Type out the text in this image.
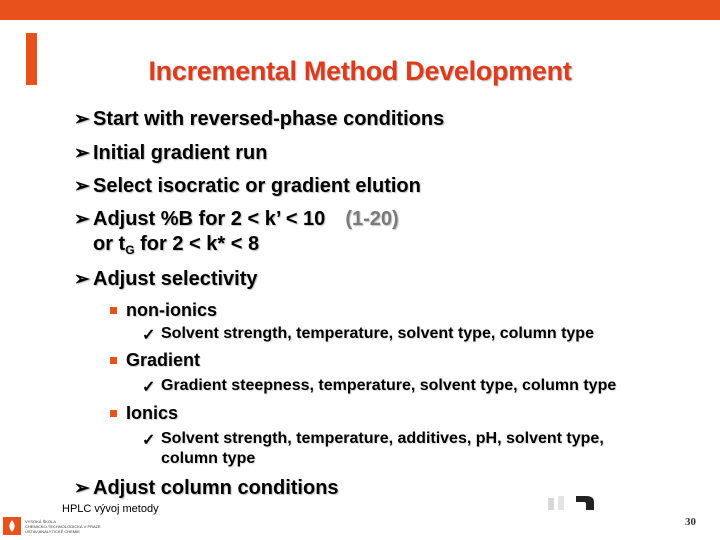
Incremental Method Development
➢ Start with reversed-phase conditions
➢ Initial gradient run
➢ Select isocratic or gradient elution
➢ Adjust %B for 2 < k’ < 10 (1-20)
or $t_G$ for 2 < k* < 8
➢ Adjust selectivity
non-ionics
✓ Solvent strength, temperature, solvent type, column type
Gradient
✓ Gradient steepness, temperature, solvent type, column type
Ionics
✓ Solvent strength, temperature, additives, pH, solvent type,
column type
➢ Adjust column conditions
HPLC vývoj metody
VYSOKÁ ŠKOLA
CHEMICKO-TECHNOLOGICKÁ V PRAZE
ÚSTAV ANALYTICKÉ CHEMIE
30
